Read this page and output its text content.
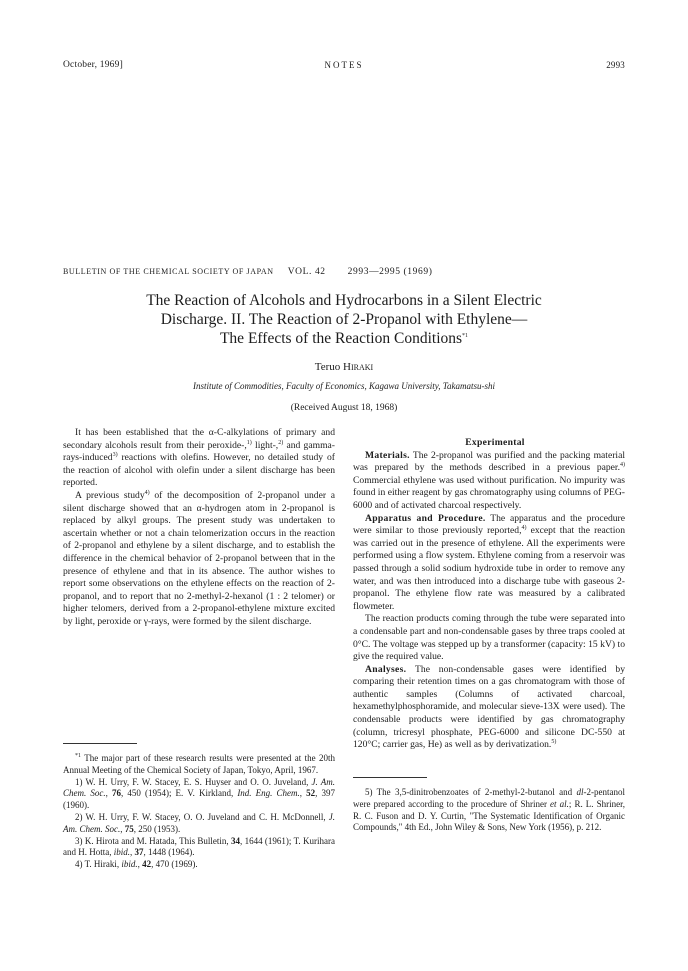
October, 1969]	NOTES	2993
BULLETIN OF THE CHEMICAL SOCIETY OF JAPAN VOL. 42 2993—2995 (1969)
The Reaction of Alcohols and Hydrocarbons in a Silent Electric
Discharge. II. The Reaction of 2-Propanol with Ethylene—
The Effects of the Reaction Conditions$^{*1}$
Teruo Hiraki
Institute of Commodities, Faculty of Economics, Kagawa University, Takamatsu-shi
(Received August 18, 1968)

It has been established that the α-C-alkylations of primary and secondary alcohols result from their peroxide-,$^{1)}$ light-,$^{2)}$ and gamma-rays-induced$^{3)}$ reactions with olefins. However, no detailed study of the reaction of alcohol with olefin under a silent discharge has been reported.

A previous study$^{4)}$ of the decomposition of 2-propanol under a silent discharge showed that an α-hydrogen atom in 2-propanol is replaced by alkyl groups. The present study was undertaken to ascertain whether or not a chain telomerization occurs in the reaction of 2-propanol and ethylene by a silent discharge, and to establish the difference in the chemical behavior of 2-propanol between that in the presence of ethylene and that in its absence. The author wishes to report some observations on the ethylene effects on the reaction of 2-propanol, and to report that no 2-methyl-2-hexanol (1 : 2 telomer) or higher telomers, derived from a 2-propanol-ethylene mixture excited by light, peroxide or γ-rays, were formed by the silent discharge.

Experimental

Materials. The 2-propanol was purified and the packing material was prepared by the methods described in a previous paper.$^{4)}$ Commercial ethylene was used without purification. No impurity was found in either reagent by gas chromatography using columns of PEG-6000 and of activated charcoal respectively.

Apparatus and Procedure. The apparatus and the procedure were similar to those previously reported,$^{4)}$ except that the reaction was carried out in the presence of ethylene. All the experiments were performed using a flow system. Ethylene coming from a reservoir was passed through a solid sodium hydroxide tube in order to remove any water, and was then introduced into a discharge tube with gaseous 2-propanol. The ethylene flow rate was measured by a calibrated flowmeter.

The reaction products coming through the tube were separated into a condensable part and non-condensable gases by three traps cooled at 0°C. The voltage was stepped up by a transformer (capacity: 15 kV) to give the required value.

Analyses. The non-condensable gases were identified by comparing their retention times on a gas chromatogram with those of authentic samples (Columns of activated charcoal, hexamethylphosphoramide, and molecular sieve-13X were used). The condensable products were identified by gas chromatography (column, tricresyl phosphate, PEG-6000 and silicone DC-550 at 120°C; carrier gas, He) as well as by derivatization.$^{5)}$

$^{*1}$ The major part of these research results were presented at the 20th Annual Meeting of the Chemical Society of Japan, Tokyo, April, 1967.

1) W. H. Urry, F. W. Stacey, E. S. Huyser and O. O. Juveland, J. Am. Chem. Soc., 76, 450 (1954); E. V. Kirkland, Ind. Eng. Chem., 52, 397 (1960).

2) W. H. Urry, F. W. Stacey, O. O. Juveland and C. H. McDonnell, J. Am. Chem. Soc., 75, 250 (1953).

3) K. Hirota and M. Hatada, This Bulletin, 34, 1644 (1961); T. Kurihara and H. Hotta, ibid., 37, 1448 (1964).

4) T. Hiraki, ibid., 42, 470 (1969).

5) The 3,5-dinitrobenzoates of 2-methyl-2-butanol and dl-2-pentanol were prepared according to the procedure of Shriner et al.; R. L. Shriner, R. C. Fuson and D. Y. Curtin, "The Systematic Identification of Organic Compounds," 4th Ed., John Wiley & Sons, New York (1956), p. 212.
